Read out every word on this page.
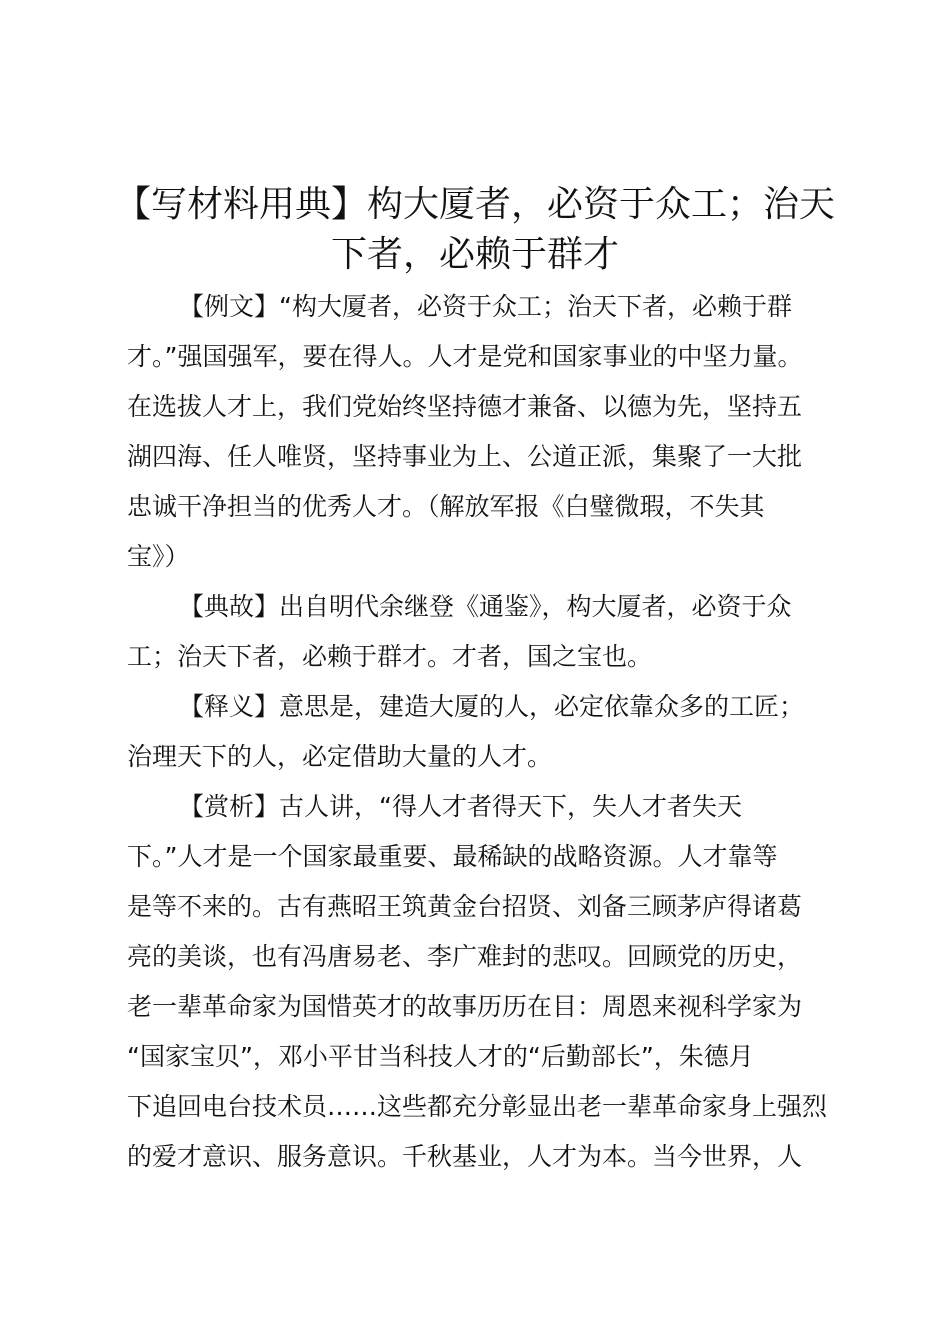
【写材料用典】构大厦者，必资于众工；治天
下者，必赖于群才
【例文】“构大厦者，必资于众工；治天下者，必赖于群
才。”强国强军，要在得人。人才是党和国家事业的中坚力量。
在选拔人才上，我们党始终坚持德才兼备、以德为先，坚持五
湖四海、任人唯贤，坚持事业为上、公道正派，集聚了一大批
忠诚干净担当的优秀人才。（解放军报《白璧微瑕，不失其
宝》）
【典故】出自明代余继登《通鉴》，构大厦者，必资于众
工；治天下者，必赖于群才。才者，国之宝也。
【释义】意思是，建造大厦的人，必定依靠众多的工匠；
治理天下的人，必定借助大量的人才。
【赏析】古人讲，“得人才者得天下，失人才者失天
下。”人才是一个国家最重要、最稀缺的战略资源。人才靠等
是等不来的。古有燕昭王筑黄金台招贤、刘备三顾茅庐得诸葛
亮的美谈，也有冯唐易老、李广难封的悲叹。回顾党的历史，
老一辈革命家为国惜英才的故事历历在目：周恩来视科学家为
“国家宝贝”，邓小平甘当科技人才的“后勤部长”，朱德月
下追回电台技术员……这些都充分彰显出老一辈革命家身上强烈
的爱才意识、服务意识。千秋基业，人才为本。当今世界，人
